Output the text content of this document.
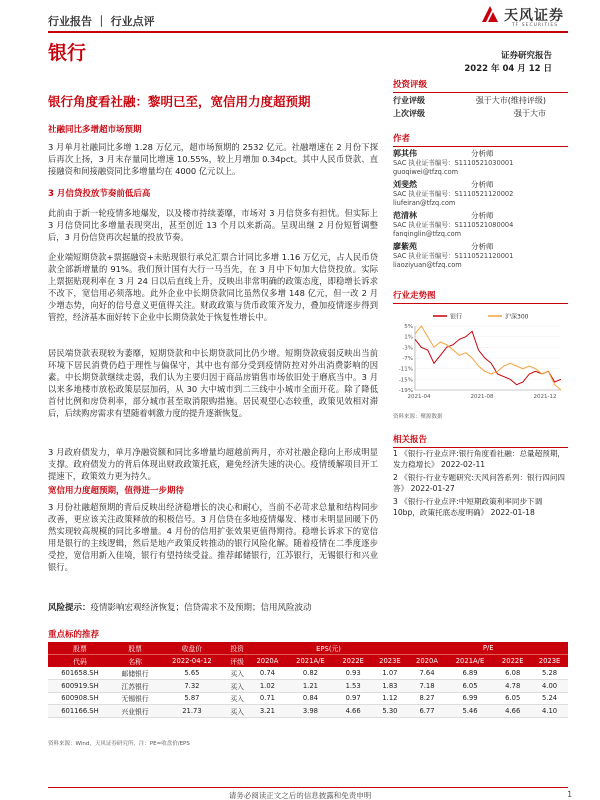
行业报告 ｜ 行业点评	天风证券
TF SECURITIES
银行	证券研究报告
2022 年 04 月 12 日
银行角度看社融：黎明已至，宽信用力度超预期
社融同比多增超市场预期
3 月单月社融同比多增 1.28 万亿元，超市场预期的 2532 亿元。社融增速在 2 月份下探后再次上扬，3 月末存量同比增速 10.55%，较上月增加 0.34pct。其中人民币贷款、直接融资和间接融资同比多增量均在 4000 亿元以上。
3 月信贷投放节奏前低后高
此前由于新一轮疫情多地爆发，以及楼市持续萎靡，市场对 3 月信贷多有担忧。但实际上 3 月信贷同比多增量表现突出，甚至创近 13 个月以来新高。呈现出继 2 月份短暂调整后，3 月份信贷再次起量的投放节奏。
企业端短期贷款+票据融资+未贴现银行承兑汇票合计同比多增 1.16 万亿元，占人民币贷款全部新增量的 91%。我们预计国有大行一马当先，在 3 月中下旬加大信贷投放。实际上票据贴现利率在 3 月 24 日以后直线上升，反映出非常明确的政策态度，即稳增长诉求不改下，宽信用必须落地。此外企业中长期贷款同比虽然仅多增 148 亿元，但一改 2 月少增态势，向好的信号意义更值得关注。财政政策与货币政策齐发力，叠加疫情逐步得到管控，经济基本面好转下企业中长期贷款处于恢复性增长中。
居民端贷款表现较为萎靡，短期贷款和中长期贷款同比仍少增。短期贷款疲弱反映出当前环境下居民消费仍趋于理性与偏保守，其中也有部分受到疫情防控对外出消费影响的因素。中长期贷款继续走弱，我们认为主要归因于商品房销售市场依旧处于磨底当中。3 月以来多地楼市放松政策层层加码，从 30 大中城市到二三线中小城市全面开花。除了降低首付比例和房贷利率，部分城市甚至取消限购措施。居民观望心态较重，政策见效相对滞后，后续购房需求有望随着刺激力度的提升逐渐恢复。
3 月政府债发力，单月净融资额和同比多增量均超越前两月，亦对社融企稳向上形成明显支撑。政府债发力的背后体现出财政政策托底，避免经济失速的决心。疫情缓解项目开工提速下，政策效力更为持久。
宽信用力度超预期，值得进一步期待
3 月份社融超预期的背后反映出经济稳增长的决心和耐心，当前不必苛求总量和结构同步改善，更应该关注政策释放的积极信号。3 月信贷在多地疫情爆发、楼市未明显回暖下仍然实现较高规模的同比多增量。4 月份的信用扩张效果更值得期待。稳增长诉求下的宽信用是银行的主线逻辑，然后是地产政策反转推动的银行风险化解。随着疫情在二季度逐步受控，宽信用新入佳境，银行有望持续受益。推荐邮储银行，江苏银行，无锡银行和兴业银行。
风险提示：疫情影响宏观经济恢复；信贷需求不及预期；信用风险波动
投资评级
行业评级	强于大市(维持评级)
上次评级	强于大市
作者
郭其伟	分析师
SAC 执业证书编号：S1110521030001
guoqiwei@tfzq.com
刘斐然	分析师
SAC 执业证书编号：S1110521120002
liufeiran@tfzq.com
范清林	分析师
SAC 执业证书编号：S1110521080004
fanqinglin@tfzq.com
廖紫苑	分析师
SAC 执业证书编号：S1110521120001
liaoziyuan@tfzq.com
行业走势图
银行	沪深300
5%
1%
-3%
-7%
-11%
-15%
-19%
2021-04	2021-08	2021-12
资料来源：聚源数据
相关报告
1 《银行-行业点评:银行角度看社融：总量超预期，发力稳增长》 2022-02-11
2 《银行-行业专题研究:天风问答系列：银行四问四答》 2022-01-27
3 《银行-行业点评:中短期政策利率同步下调 10bp，政策托底态度明确》 2022-01-18
重点标的推荐
股票	股票	收盘价	投资	EPS(元)				P/E			
代码	名称	2022-04-12	评级	2020A	2021A/E	2022E	2023E	2020A	2021A/E	2022E	2023E
601658.SH	邮储银行	5.65	买入	0.74	0.82	0.93	1.07	7.64	6.89	6.08	5.28
600919.SH	江苏银行	7.32	买入	1.02	1.21	1.53	1.83	7.18	6.05	4.78	4.00
600908.SH	无锡银行	5.87	买入	0.71	0.84	0.97	1.12	8.27	6.99	6.05	5.24
601166.SH	兴业银行	21.73	买入	3.21	3.98	4.66	5.30	6.77	5.46	4.66	4.10
资料来源：Wind，天风证券研究所，注：PE=收盘价/EPS
请务必阅读正文之后的信息披露和免责申明	1
